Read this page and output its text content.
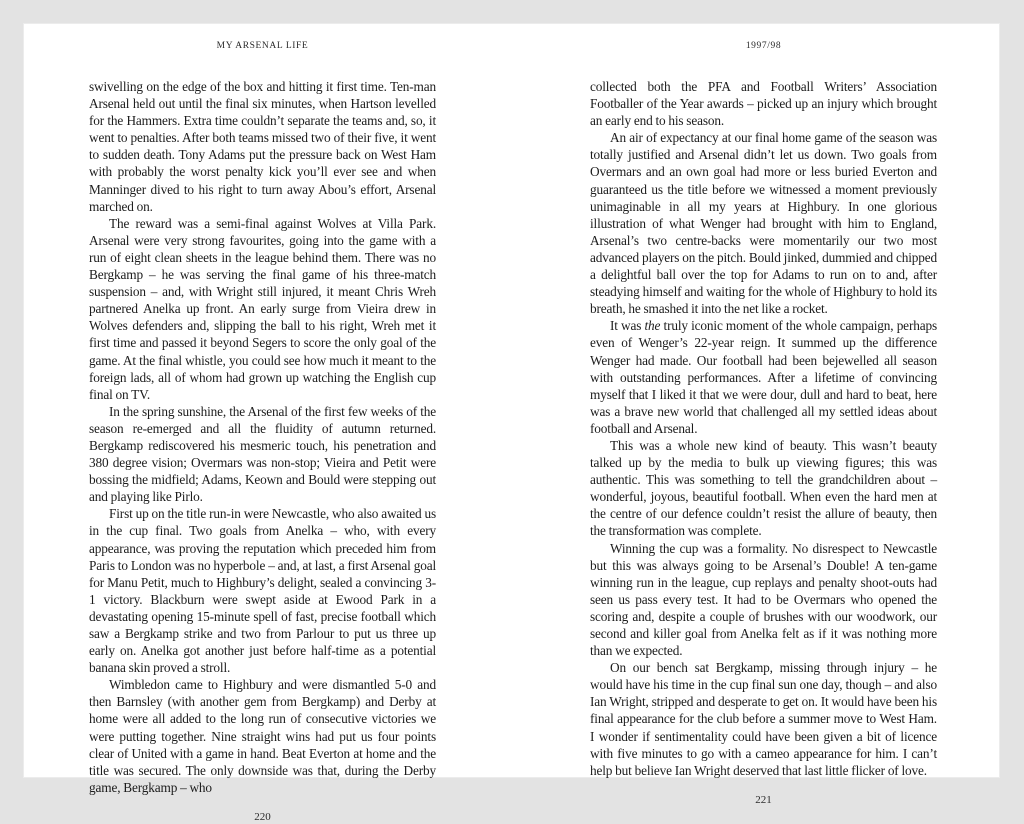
MY ARSENAL LIFE

swivelling on the edge of the box and hitting it first time. Ten-man Arsenal held out until the final six minutes, when Hartson levelled for the Hammers. Extra time couldn’t separate the teams and, so, it went to penalties. After both teams missed two of their five, it went to sudden death. Tony Adams put the pressure back on West Ham with probably the worst penalty kick you’ll ever see and when Manninger dived to his right to turn away Abou’s effort, Arsenal marched on.

The reward was a semi-final against Wolves at Villa Park. Arsenal were very strong favourites, going into the game with a run of eight clean sheets in the league behind them. There was no Bergkamp – he was serving the final game of his three-match suspension – and, with Wright still injured, it meant Chris Wreh partnered Anelka up front. An early surge from Vieira drew in Wolves defenders and, slipping the ball to his right, Wreh met it first time and passed it beyond Segers to score the only goal of the game. At the final whistle, you could see how much it meant to the foreign lads, all of whom had grown up watching the English cup final on TV.

In the spring sunshine, the Arsenal of the first few weeks of the season re-emerged and all the fluidity of autumn returned. Bergkamp rediscovered his mesmeric touch, his penetration and 380 degree vision; Overmars was non-stop; Vieira and Petit were bossing the midfield; Adams, Keown and Bould were stepping out and playing like Pirlo.

First up on the title run-in were Newcastle, who also awaited us in the cup final. Two goals from Anelka – who, with every appearance, was proving the reputation which preceded him from Paris to London was no hyperbole – and, at last, a first Arsenal goal for Manu Petit, much to Highbury’s delight, sealed a convincing 3-1 victory. Blackburn were swept aside at Ewood Park in a devastating opening 15-minute spell of fast, precise football which saw a Bergkamp strike and two from Parlour to put us three up early on. Anelka got another just before half-time as a potential banana skin proved a stroll.

Wimbledon came to Highbury and were dismantled 5-0 and then Barnsley (with another gem from Bergkamp) and Derby at home were all added to the long run of consecutive victories we were putting together. Nine straight wins had put us four points clear of United with a game in hand. Beat Everton at home and the title was secured. The only downside was that, during the Derby game, Bergkamp – who

220
1997/98

collected both the PFA and Football Writers’ Association Footballer of the Year awards – picked up an injury which brought an early end to his season.

An air of expectancy at our final home game of the season was totally justified and Arsenal didn’t let us down. Two goals from Overmars and an own goal had more or less buried Everton and guaranteed us the title before we witnessed a moment previously unimaginable in all my years at Highbury. In one glorious illustration of what Wenger had brought with him to England, Arsenal’s two centre-backs were momentarily our two most advanced players on the pitch. Bould jinked, dummied and chipped a delightful ball over the top for Adams to run on to and, after steadying himself and waiting for the whole of Highbury to hold its breath, he smashed it into the net like a rocket.

It was the truly iconic moment of the whole campaign, perhaps even of Wenger’s 22-year reign. It summed up the difference Wenger had made. Our football had been bejewelled all season with outstanding performances. After a lifetime of convincing myself that I liked it that we were dour, dull and hard to beat, here was a brave new world that challenged all my settled ideas about football and Arsenal.

This was a whole new kind of beauty. This wasn’t beauty talked up by the media to bulk up viewing figures; this was authentic. This was something to tell the grandchildren about – wonderful, joyous, beautiful football. When even the hard men at the centre of our defence couldn’t resist the allure of beauty, then the transformation was complete.

Winning the cup was a formality. No disrespect to Newcastle but this was always going to be Arsenal’s Double! A ten-game winning run in the league, cup replays and penalty shoot-outs had seen us pass every test. It had to be Overmars who opened the scoring and, despite a couple of brushes with our woodwork, our second and killer goal from Anelka felt as if it was nothing more than we expected.

On our bench sat Bergkamp, missing through injury – he would have his time in the cup final sun one day, though – and also Ian Wright, stripped and desperate to get on. It would have been his final appearance for the club before a summer move to West Ham. I wonder if sentimentality could have been given a bit of licence with five minutes to go with a cameo appearance for him. I can’t help but believe Ian Wright deserved that last little flicker of love.

221
